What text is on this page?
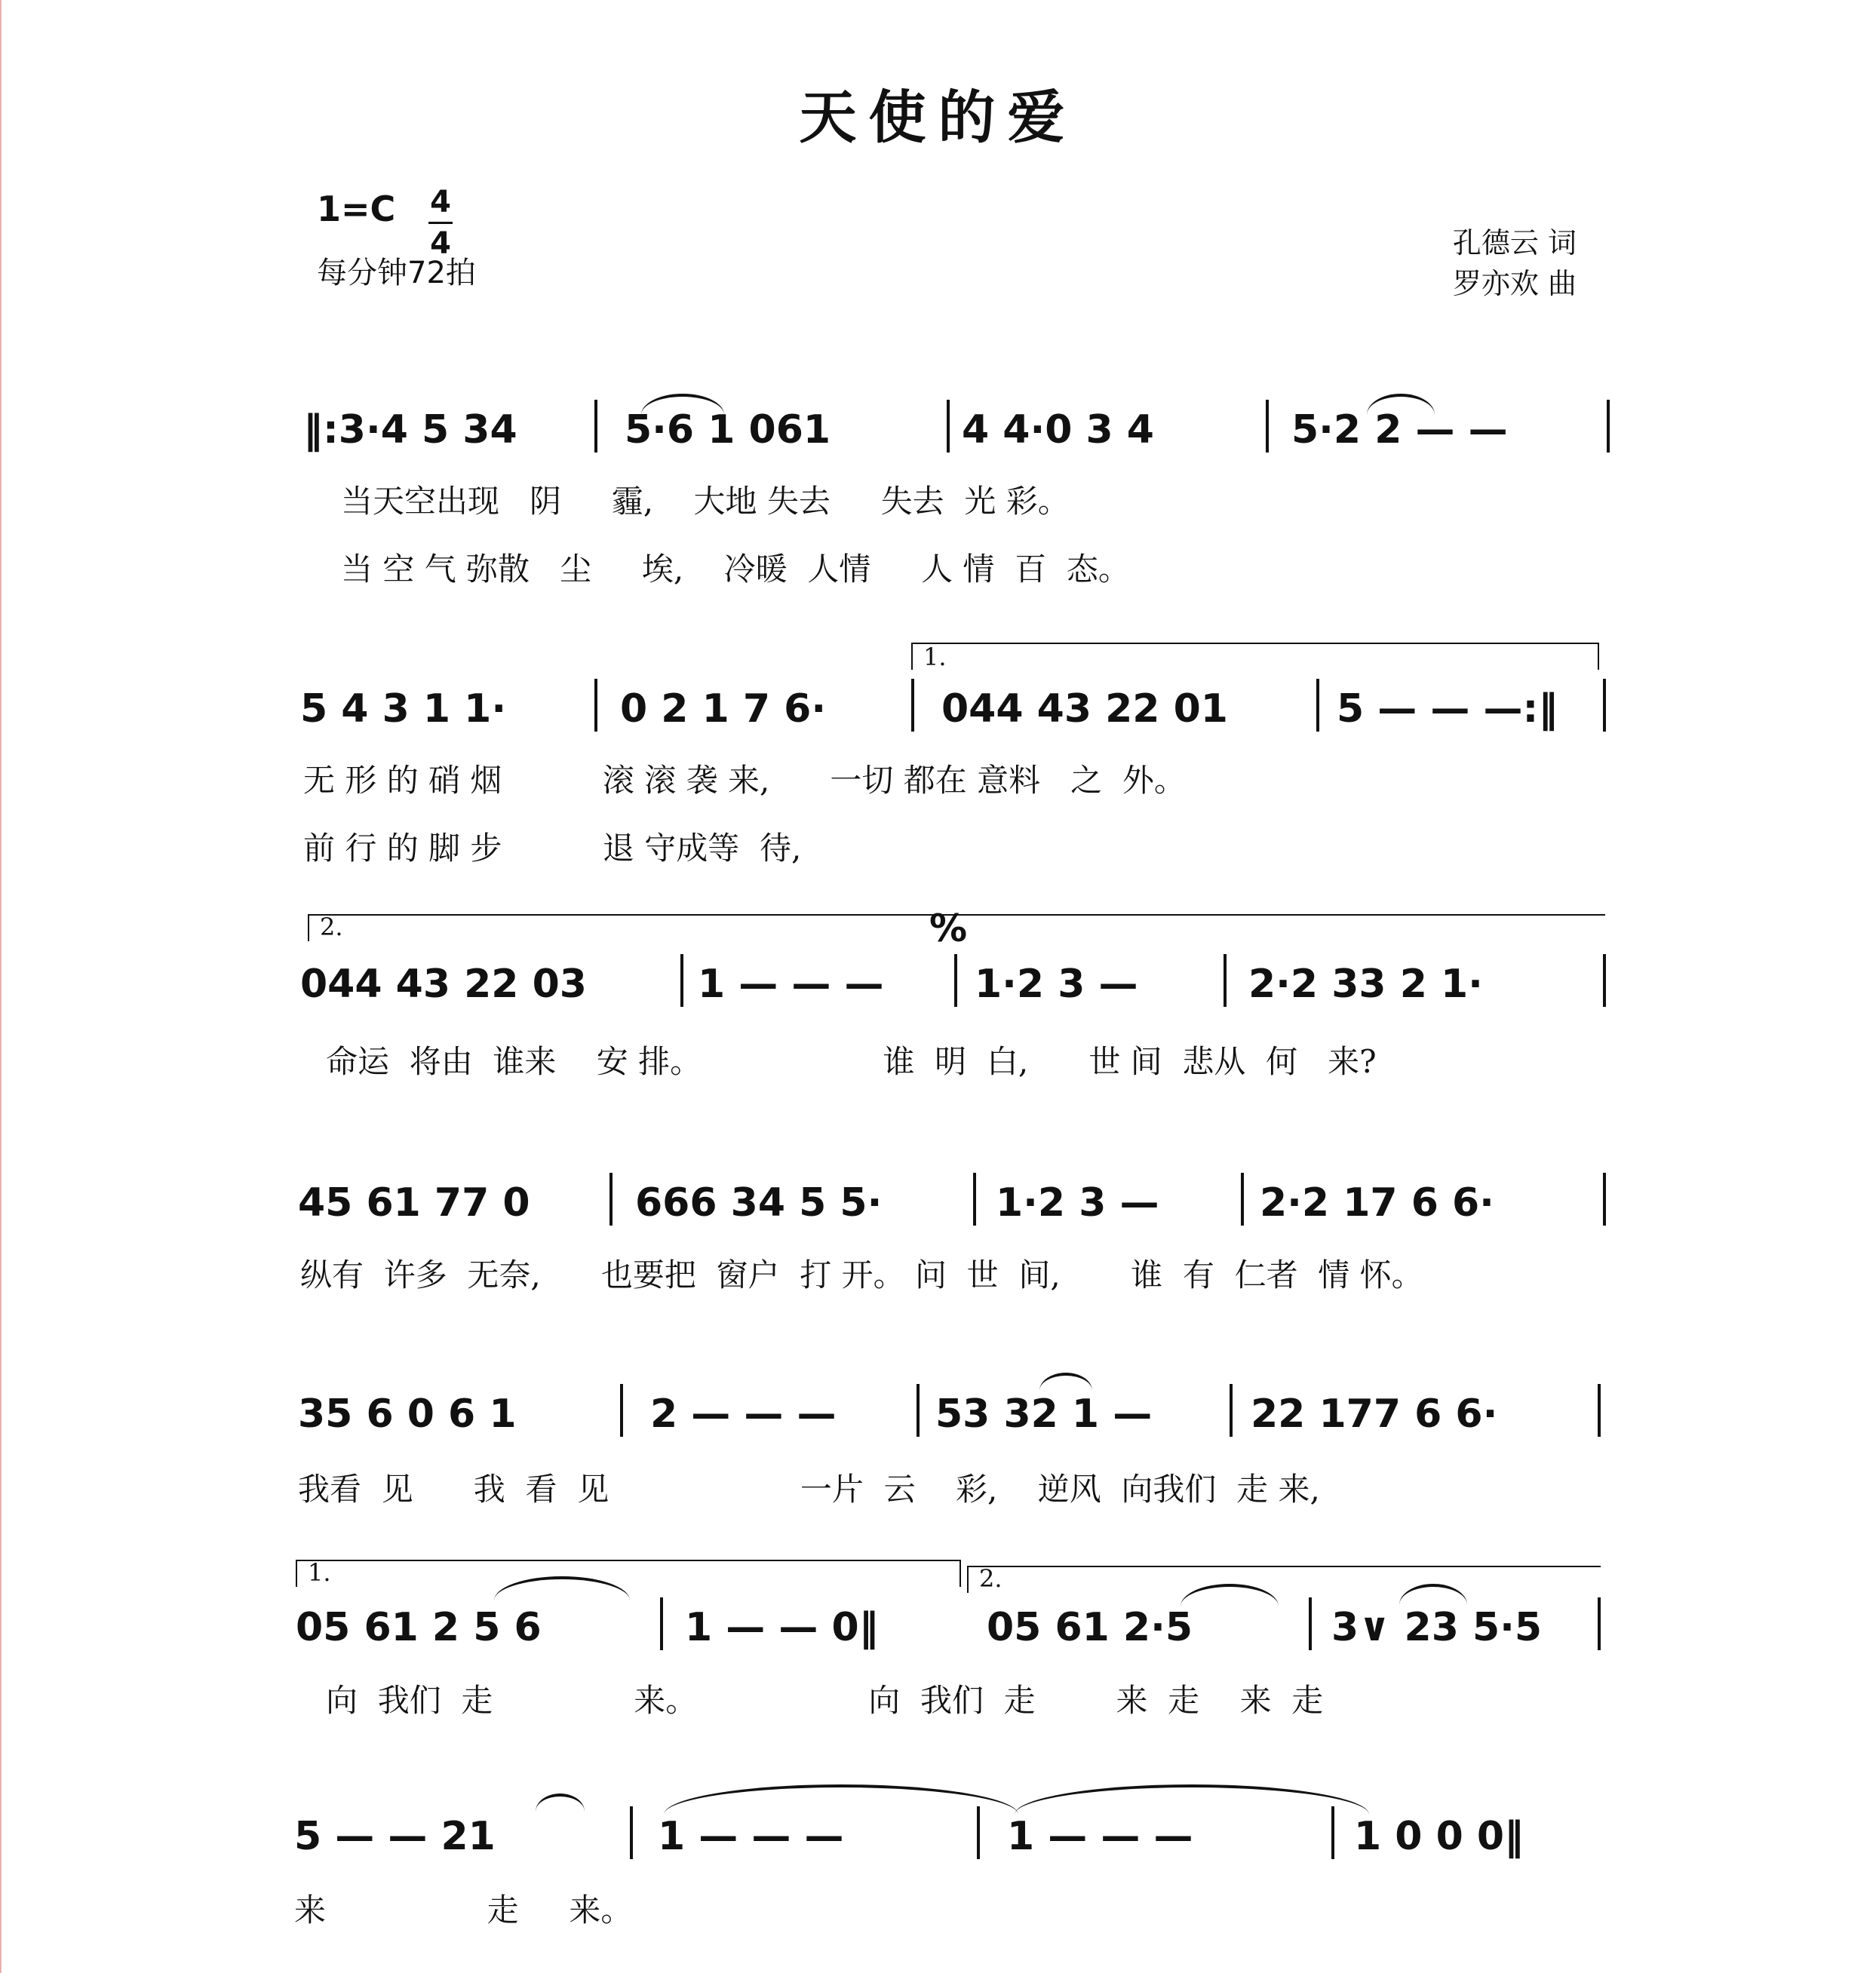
天使的爱
1=C 4
4
每分钟72拍
孔德云 词
罗亦欢 曲
‖:3·4 5 34	5·6 1 061	4 4·0 3 4	5·2 2 — —
当天空出现   阴     霾,    大地 失去     失去  光 彩。
当 空 气 弥散   尘     埃,    冷暖  人情     人 情  百  态。
1.
5 4 3 1 1·	0 2 1 7 6·	044 43 22 01	5 — — —:‖
无 形 的 硝 烟          滚 滚 袭 来,      一切 都在 意料   之  外。
前 行 的 脚 步          退 守成等  待,
2.	%
044 43 22 03	1 — — — 1·2 3 —	2·2 33 2 1·
命运  将由  谁来    安 排。                  谁  明  白,      世 间  悲从  何   来?
45 61 77 0	666 34 5 5·	1·2 3 —	2·2 17 6 6·
纵有  许多  无奈,      也要把  窗户  打 开。 问  世  间,       谁  有  仁者  情 怀。
35 6 0 6 1	2 — — —	53 32 1 —	22 177 6 6·
我看  见      我  看  见                   一片  云    彩,    逆风  向我们  走 来,
1.	2.
05 61 2 5 6	1 — — 0‖	05 61 2·5	3∨ 23 5·5
向  我们  走              来。                 向  我们  走        来  走    来  走
5 — — 21	1 — — —	1 — — —	1 0 0 0‖
来                走     来。
